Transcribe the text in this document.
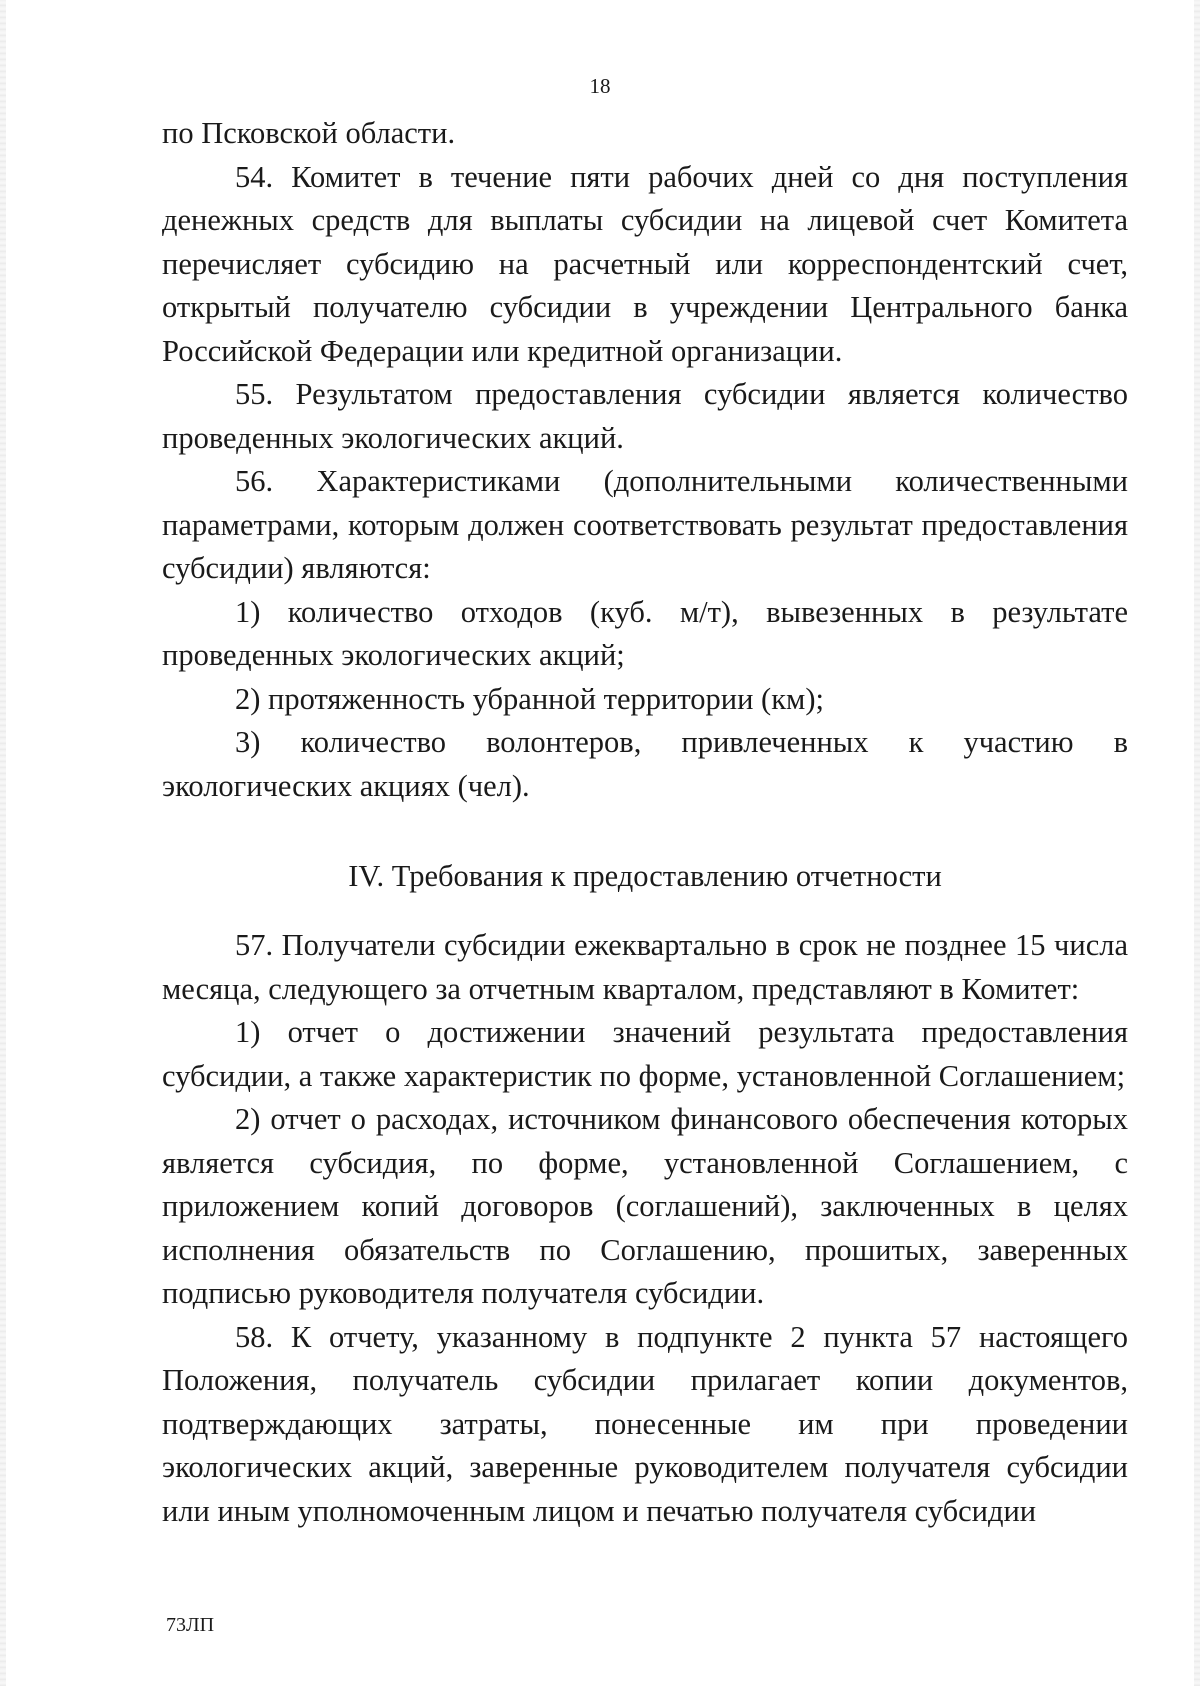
18

по Псковской области.

54. Комитет в течение пяти рабочих дней со дня поступления денежных средств для выплаты субсидии на лицевой счет Комитета перечисляет субсидию на расчетный или корреспондентский счет, открытый получателю субсидии в учреждении Центрального банка Российской Федерации или кредитной организации.

55. Результатом предоставления субсидии является количество проведенных экологических акций.

56. Характеристиками (дополнительными количественными параметрами, которым должен соответствовать результат предоставления субсидии) являются:

1) количество отходов (куб. м/т), вывезенных в результате проведенных экологических акций;

2) протяженность убранной территории (км);

3) количество волонтеров, привлеченных к участию в экологических акциях (чел).

IV. Требования к предоставлению отчетности

57. Получатели субсидии ежеквартально в срок не позднее 15 числа месяца, следующего за отчетным кварталом, представляют в Комитет:

1) отчет о достижении значений результата предоставления субсидии, а также характеристик по форме, установленной Соглашением;

2) отчет о расходах, источником финансового обеспечения которых является субсидия, по форме, установленной Соглашением, с приложением копий договоров (соглашений), заключенных в целях исполнения обязательств по Соглашению, прошитых, заверенных подписью руководителя получателя субсидии.

58. К отчету, указанному в подпункте 2 пункта 57 настоящего Положения, получатель субсидии прилагает копии документов, подтверждающих затраты, понесенные им при проведении экологических акций, заверенные руководителем получателя субсидии или иным уполномоченным лицом и печатью получателя субсидии

73ЛП
